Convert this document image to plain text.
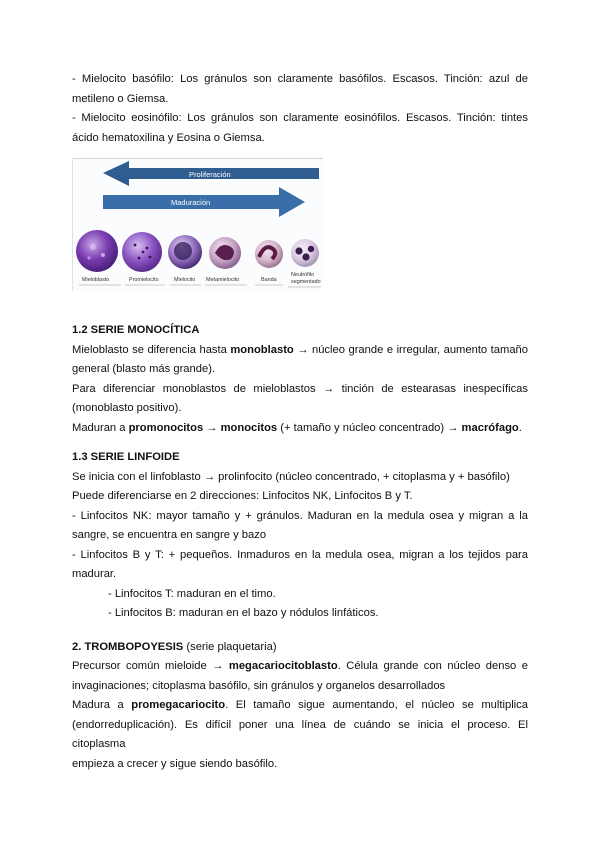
- Mielocito basófilo: Los gránulos son claramente basófilos. Escasos. Tinción: azul de

metileno o Giemsa.

- Mielocito eosinófilo: Los gránulos son claramente eosinófilos. Escasos. Tinción: tintes

ácido hematoxilina y Eosina o Giemsa.

Proliferación
Maduración
Mieloblasto	Promielocito	Mielocito Metamielocito	Banda
Neutrófilo
segmentado
1.2 SERIE MONOCÍTICA

Mieloblasto se diferencia hasta monoblasto → núcleo grande e irregular, aumento tamaño

general (blasto más grande).

Para diferenciar monoblastos de mieloblastos → tinción de estearasas inespecíficas

(monoblasto positivo).

Maduran a promonocitos → monocitos (+ tamaño y núcleo concentrado) → macrófago.

1.3 SERIE LINFOIDE

Se inicia con el linfoblasto → prolinfocito (núcleo concentrado, + citoplasma y + basófilo)

Puede diferenciarse en 2 direcciones: Linfocitos NK, Linfocitos B y T.

- Linfocitos NK: mayor tamaño y + gránulos. Maduran en la medula osea y migran a la

sangre, se encuentra en sangre y bazo

- Linfocitos B y T: + pequeños. Inmaduros en la medula osea, migran a los tejidos para

madurar.

- Linfocitos T: maduran en el timo.

- Linfocitos B: maduran en el bazo y nódulos linfáticos.

2. TROMBOPOYESIS (serie plaquetaria)

Precursor común mieloide → megacariocitoblasto. Célula grande con núcleo denso e

invaginaciones; citoplasma basófilo, sin gránulos y organelos desarrollados

Madura a promegacariocito. El tamaño sigue aumentando, el núcleo se multiplica

(endorreduplicación). Es difícil poner una línea de cuándo se inicia el proceso. El citoplasma

empieza a crecer y sigue siendo basófilo.
